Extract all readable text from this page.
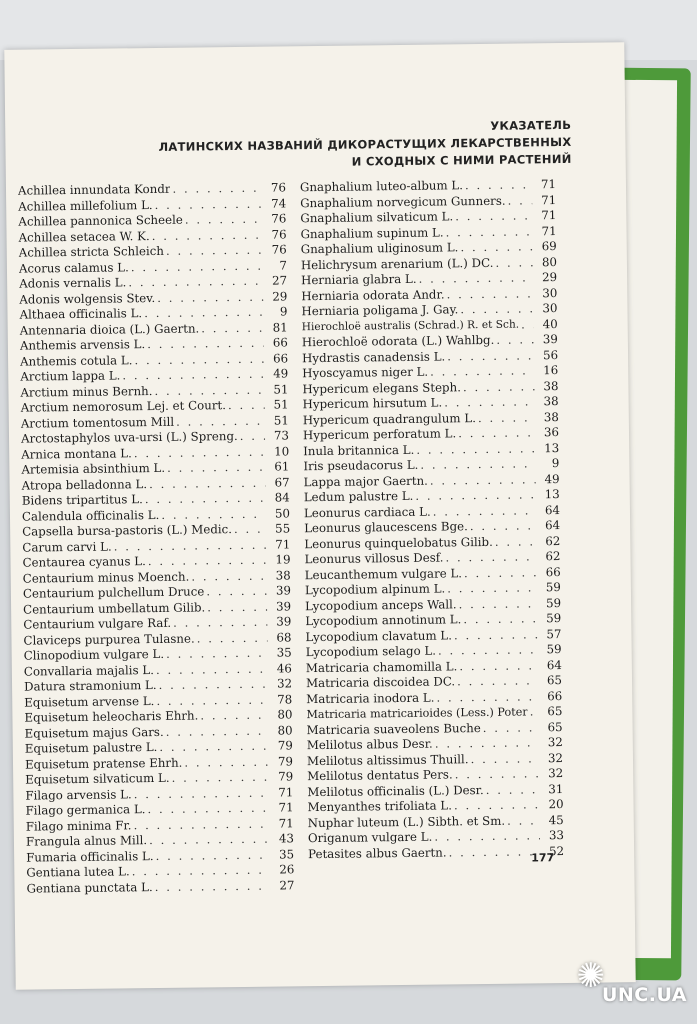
УКАЗАТЕЛЬ
ЛАТИНСКИХ НАЗВАНИЙ ДИКОРАСТУЩИХ ЛЕКАРСТВЕННЫХ
И СХОДНЫХ С НИМИ РАСТЕНИЙ
Achillea innundata Kondr . . .	76
Achillea millefolium L. . . .	74
Achillea pannonica Scheele . . .	76
Achillea setacea W. K. . . .	76
Achillea stricta Schleich . . .	76
Acorus calamus L. . . .	7
Adonis vernalis L. . . .	27
Adonis wolgensis Stev. . . .	29
Althaea officinalis L. . . .	9
Antennaria dioica (L.) Gaertn. . . .	81
Anthemis arvensis L. . . .	66
Anthemis cotula L. . . .	66
Arctium lappa L. . . .	49
Arctium minus Bernh. . . .	51
Arctium nemorosum Lej. et Court. . . .	51
Arctium tomentosum Mill . . .	51
Arctostaphylos uva-ursi (L.) Spreng. . . .	73
Arnica montana L. . . .	10
Artemisia absinthium L. . . .	61
Atropa belladonna L. . . .	67
Bidens tripartitus L. . . .	84
Calendula officinalis L. . . .	50
Capsella bursa-pastoris (L.) Medic. . . .	55
Carum carvi L. . . .	71
Centaurea cyanus L. . . .	19
Centaurium minus Moench. . . .	38
Centaurium pulchellum Druce . . .	39
Centaurium umbellatum Gilib. . . .	39
Centaurium vulgare Raf. . . .	39
Claviceps purpurea Tulasne. . . .	68
Clinopodium vulgare L. . . .	35
Convallaria majalis L. . . .	46
Datura stramonium L. . . .	32
Equisetum arvense L. . . .	78
Equisetum heleocharis Ehrh. . . .	80
Equisetum majus Gars. . . .	80
Equisetum palustre L. . . .	79
Equisetum pratense Ehrh. . . .	79
Equisetum silvaticum L. . . .	79
Filago arvensis L. . . .	71
Filago germanica L. . . .	71
Filago minima Fr. . . .	71
Frangula alnus Mill. . . .	43
Fumaria officinalis L. . . .	35
Gentiana lutea L. . . .	26
Gentiana punctata L. . . .	27
Gnaphalium luteo-album L. . . .	71
Gnaphalium norvegicum Gunners. . . .	71
Gnaphalium silvaticum L. . . .	71
Gnaphalium supinum L. . . .	71
Gnaphalium uliginosum L. . . .	69
Helichrysum arenarium (L.) DC. . . .	80
Herniaria glabra L. . . .	29
Herniaria odorata Andr. . . .	30
Herniaria poligama J. Gay. . . .	30
Hierochloё australis (Schrad.) R. et Sch. . . .	40
Hierochloё odorata (L.) Wahlbg. . . .	39
Hydrastis canadensis L. . . .	56
Hyoscyamus niger L. . . .	16
Hypericum elegans Steph. . . .	38
Hypericum hirsutum L. . . .	38
Hypericum quadrangulum L. . . .	38
Hypericum perforatum L. . . .	36
Inula britannica L. . . .	13
Iris pseudacorus L. . . .	9
Lappa major Gaertn. . . .	49
Ledum palustre L. . . .	13
Leonurus cardiaca L. . . .	64
Leonurus glaucescens Bge. . . .	64
Leonurus quinquelobatus Gilib. . . .	62
Leonurus villosus Desf. . . .	62
Leucanthemum vulgare L. . . .	66
Lycopodium alpinum L. . . .	59
Lycopodium anceps Wall. . . .	59
Lycopodium annotinum L. . . .	59
Lycopodium clavatum L. . . .	57
Lycopodium selago L. . . .	59
Matricaria chamomilla L. . . .	64
Matricaria discoidea DC. . . .	65
Matricaria inodora L. . . .	66
Matricaria matricarioides (Less.) Poter . . .	65
Matricaria suaveolens Buche . . .	65
Melilotus albus Desr. . . .	32
Melilotus altissimus Thuill. . . .	32
Melilotus dentatus Pers. . . .	32
Melilotus officinalis (L.) Desr. . . .	31
Menyanthes trifoliata L. . . .	20
Nuphar luteum (L.) Sibth. et Sm. . . .	45
Origanum vulgare L. . . .	33
Petasites albus Gaertn. . . .	52
177
✺
UNC.UA
